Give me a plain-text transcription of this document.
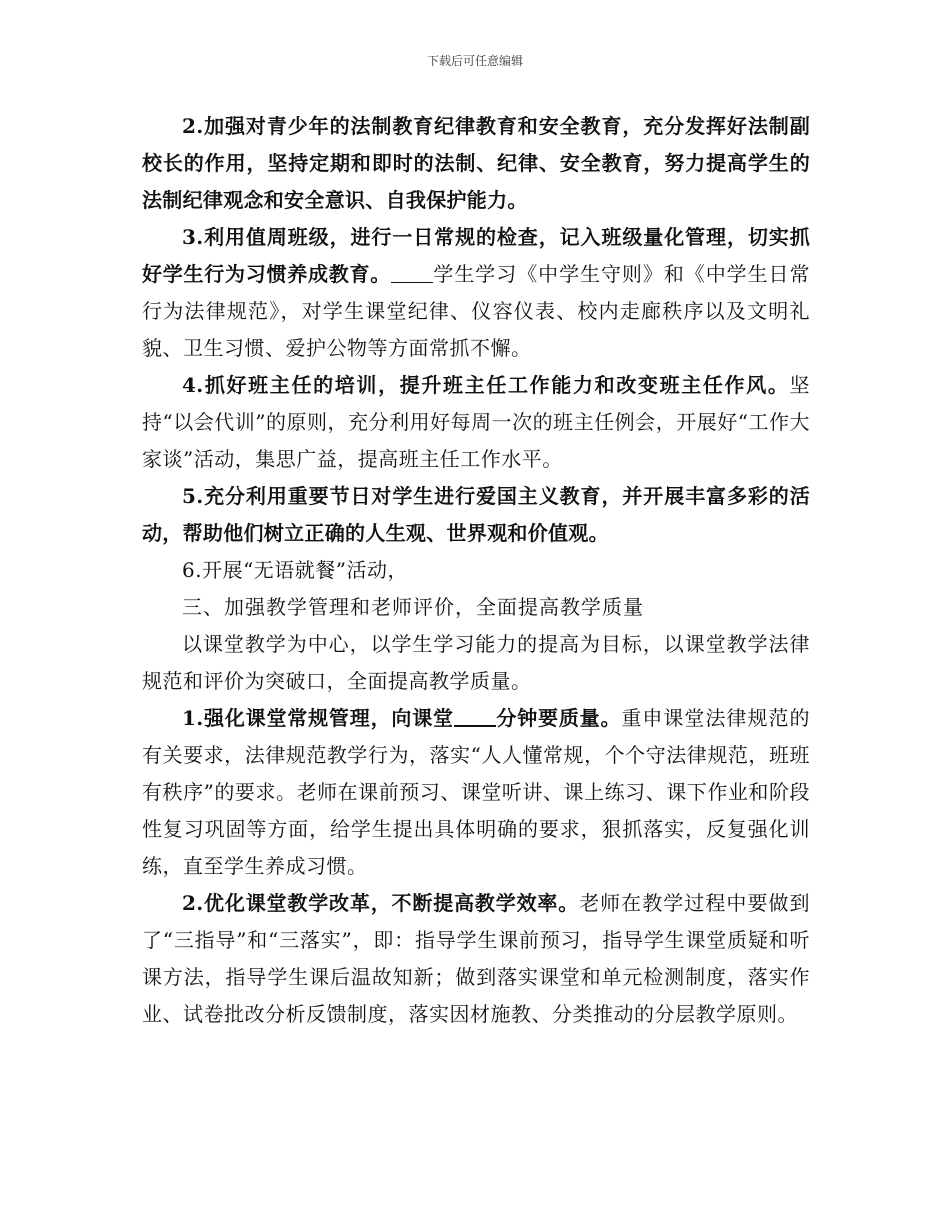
下载后可任意编辑

2.加强对青少年的法制教育纪律教育和安全教育，充分发挥好法制副校长的作用，坚持定期和即时的法制、纪律、安全教育，努力提高学生的法制纪律观念和安全意识、自我保护能力。

3.利用值周班级，进行一日常规的检查，记入班级量化管理，切实抓好学生行为习惯养成教育。 学生学习《中学生守则》和《中学生日常行为法律规范》，对学生课堂纪律、仪容仪表、校内走廊秩序以及文明礼貌、卫生习惯、爱护公物等方面常抓不懈。

4.抓好班主任的培训，提升班主任工作能力和改变班主任作风。坚持“以会代训”的原则，充分利用好每周一次的班主任例会，开展好“工作大家谈”活动，集思广益，提高班主任工作水平。

5.充分利用重要节日对学生进行爱国主义教育，并开展丰富多彩的活动，帮助他们树立正确的人生观、世界观和价值观。

6.开展“无语就餐”活动，

三、加强教学管理和老师评价，全面提高教学质量

以课堂教学为中心，以学生学习能力的提高为目标，以课堂教学法律规范和评价为突破口，全面提高教学质量。

1.强化课堂常规管理，向课堂 分钟要质量。重申课堂法律规范的有关要求，法律规范教学行为，落实“人人懂常规，个个守法律规范，班班有秩序”的要求。老师在课前预习、课堂听讲、课上练习、课下作业和阶段性复习巩固等方面，给学生提出具体明确的要求，狠抓落实，反复强化训练，直至学生养成习惯。

2.优化课堂教学改革，不断提高教学效率。老师在教学过程中要做到了“三指导”和“三落实”，即：指导学生课前预习，指导学生课堂质疑和听课方法，指导学生课后温故知新；做到落实课堂和单元检测制度，落实作业、试卷批改分析反馈制度，落实因材施教、分类推动的分层教学原则。
